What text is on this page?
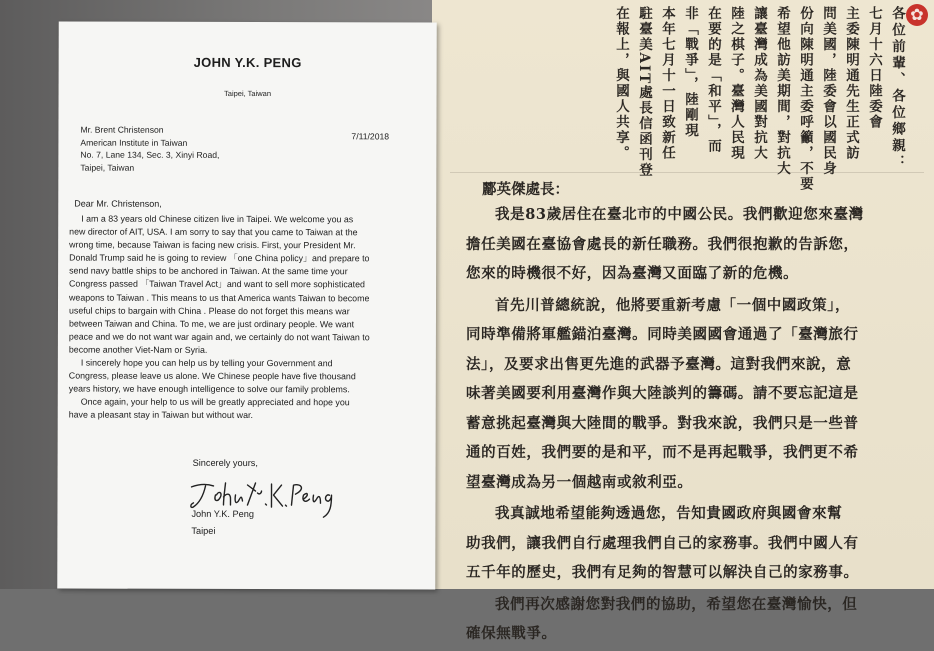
✿
各位前輩、各位鄉親：
七月十六日陸委會
主委陳明通先生正式訪
問美國，陸委會以國民身
份向陳明通主委呼籲，不要
希望他訪美期間，對抗大
讓臺灣成為美國對抗大
陸之棋子。臺灣人民現
在要的是「和平」，而
非「戰爭」，陸剛現
本年七月十一日致新任
駐臺美AIT處長信函刊登
在報上，與國人共享。
酈英傑處長：

我是83歲居住在臺北市的中國公民。我們歡迎您來臺灣
擔任美國在臺協會處長的新任職務。我們很抱歉的告訴您，
您來的時機很不好，因為臺灣又面臨了新的危機。

首先川普總統說，他將要重新考慮「一個中國政策」，
同時準備將軍艦錨泊臺灣。同時美國國會通過了「臺灣旅行
法」，及要求出售更先進的武器予臺灣。這對我們來說，意
味著美國要利用臺灣作與大陸談判的籌碼。請不要忘記這是
蓄意挑起臺灣與大陸間的戰爭。對我來說，我們只是一些普
通的百姓，我們要的是和平，而不是再起戰爭，我們更不希
望臺灣成為另一個越南或敘利亞。

我真誠地希望能夠透過您，告知貴國政府與國會來幫
助我們，讓我們自行處理我們自己的家務事。我們中國人有
五千年的歷史，我們有足夠的智慧可以解決自己的家務事。

我們再次感謝您對我們的協助，希望您在臺灣愉快，但
確保無戰爭。

JOHN Y.K. PENG
Taipei, Taiwan
Mr. Brent Christenson
American Institute in Taiwan
No. 7, Lane 134, Sec. 3, Xinyi Road,
Taipei, Taiwan
7/11/2018
Dear Mr. Christenson,
I am a 83 years old Chinese citizen live in Taipei. We welcome you as
new director of AIT, USA. I am sorry to say that you came to Taiwan at the
wrong time, because Taiwan is facing new crisis. First, your President Mr.
Donald Trump said he is going to review 「one China policy」and prepare to
send navy battle ships to be anchored in Taiwan. At the same time your
Congress passed 「Taiwan Travel Act」and want to sell more sophisticated
weapons to Taiwan . This means to us that America wants Taiwan to become
useful chips to bargain with China . Please do not forget this means war
between Taiwan and China. To me, we are just ordinary people. We want
peace and we do not want war again and, we certainly do not want Taiwan to
become another Viet-Nam or Syria.
I sincerely hope you can help us by telling your Government and
Congress, please leave us alone. We Chinese people have five thousand
years history, we have enough intelligence to solve our family problems.
Once again, your help to us will be greatly appreciated and hope you
have a pleasant stay in Taiwan but without war.
Sincerely yours,
John Y.K. Peng
Taipei
